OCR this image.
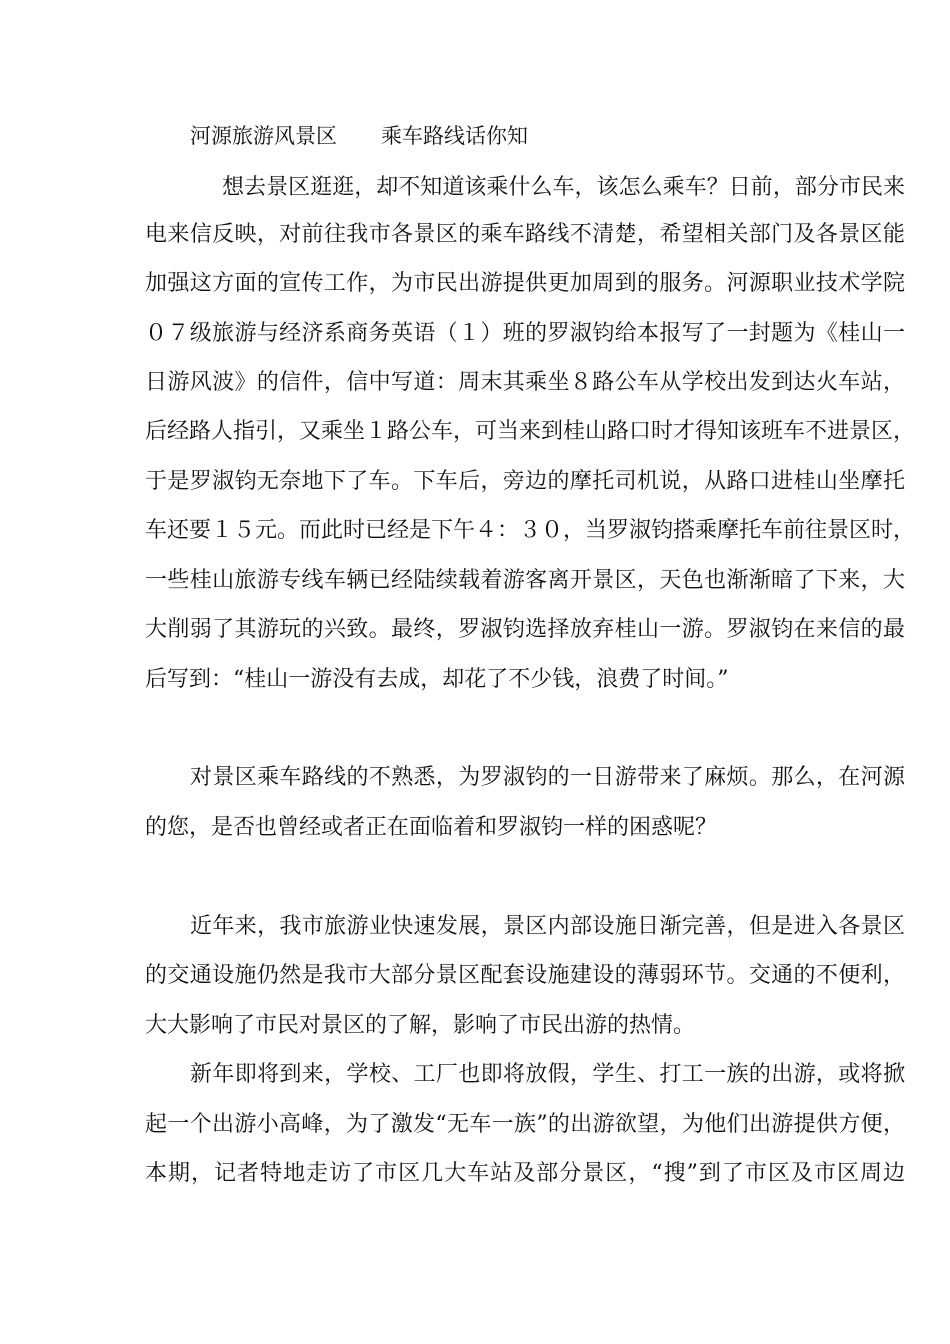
河源旅游风景区 乘车路线话你知
想去景区逛逛，却不知道该乘什么车，该怎么乘车？日前，部分市民来
电来信反映，对前往我市各景区的乘车路线不清楚，希望相关部门及各景区能
加强这方面的宣传工作，为市民出游提供更加周到的服务。河源职业技术学院
０７级旅游与经济系商务英语（１）班的罗淑钧给本报写了一封题为《桂山一
日游风波》的信件，信中写道：周末其乘坐８路公车从学校出发到达火车站，
后经路人指引，又乘坐１路公车，可当来到桂山路口时才得知该班车不进景区，
于是罗淑钧无奈地下了车。下车后，旁边的摩托司机说，从路口进桂山坐摩托
车还要１５元。而此时已经是下午４：３０，当罗淑钧搭乘摩托车前往景区时，
一些桂山旅游专线车辆已经陆续载着游客离开景区，天色也渐渐暗了下来，大
大削弱了其游玩的兴致。最终，罗淑钧选择放弃桂山一游。罗淑钧在来信的最
后写到：“桂山一游没有去成，却花了不少钱，浪费了时间。”
对景区乘车路线的不熟悉，为罗淑钧的一日游带来了麻烦。那么，在河源
的您，是否也曾经或者正在面临着和罗淑钧一样的困惑呢？
近年来，我市旅游业快速发展，景区内部设施日渐完善，但是进入各景区
的交通设施仍然是我市大部分景区配套设施建设的薄弱环节。交通的不便利，
大大影响了市民对景区的了解，影响了市民出游的热情。
新年即将到来，学校、工厂也即将放假，学生、打工一族的出游，或将掀
起一个出游小高峰，为了激发“无车一族”的出游欲望，为他们出游提供方便，
本期，记者特地走访了市区几大车站及部分景区，“搜”到了市区及市区周边
